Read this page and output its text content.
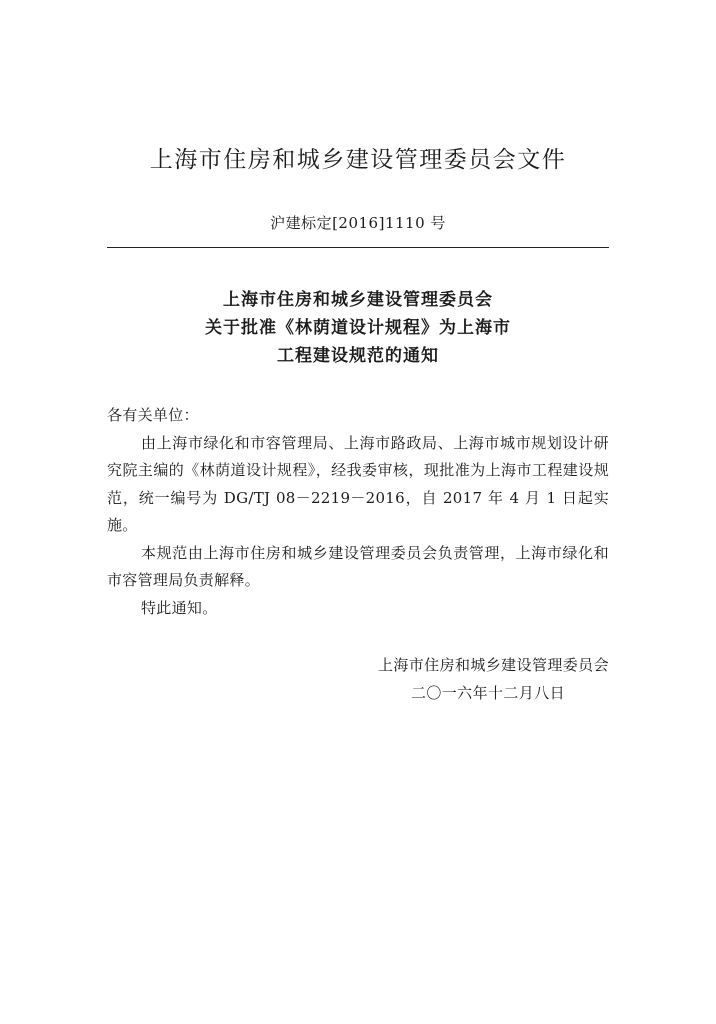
上海市住房和城乡建设管理委员会文件
沪建标定[2016]1110 号
上海市住房和城乡建设管理委员会
关于批准《林荫道设计规程》为上海市
工程建设规范的通知

各有关单位：

由上海市绿化和市容管理局、上海市路政局、上海市城市规划设计研究院主编的《林荫道设计规程》，经我委审核，现批准为上海市工程建设规范，统一编号为 DG/TJ 08－2219－2016，自 2017 年 4 月 1 日起实施。

本规范由上海市住房和城乡建设管理委员会负责管理，上海市绿化和市容管理局负责解释。

特此通知。

上海市住房和城乡建设管理委员会
二〇一六年十二月八日
